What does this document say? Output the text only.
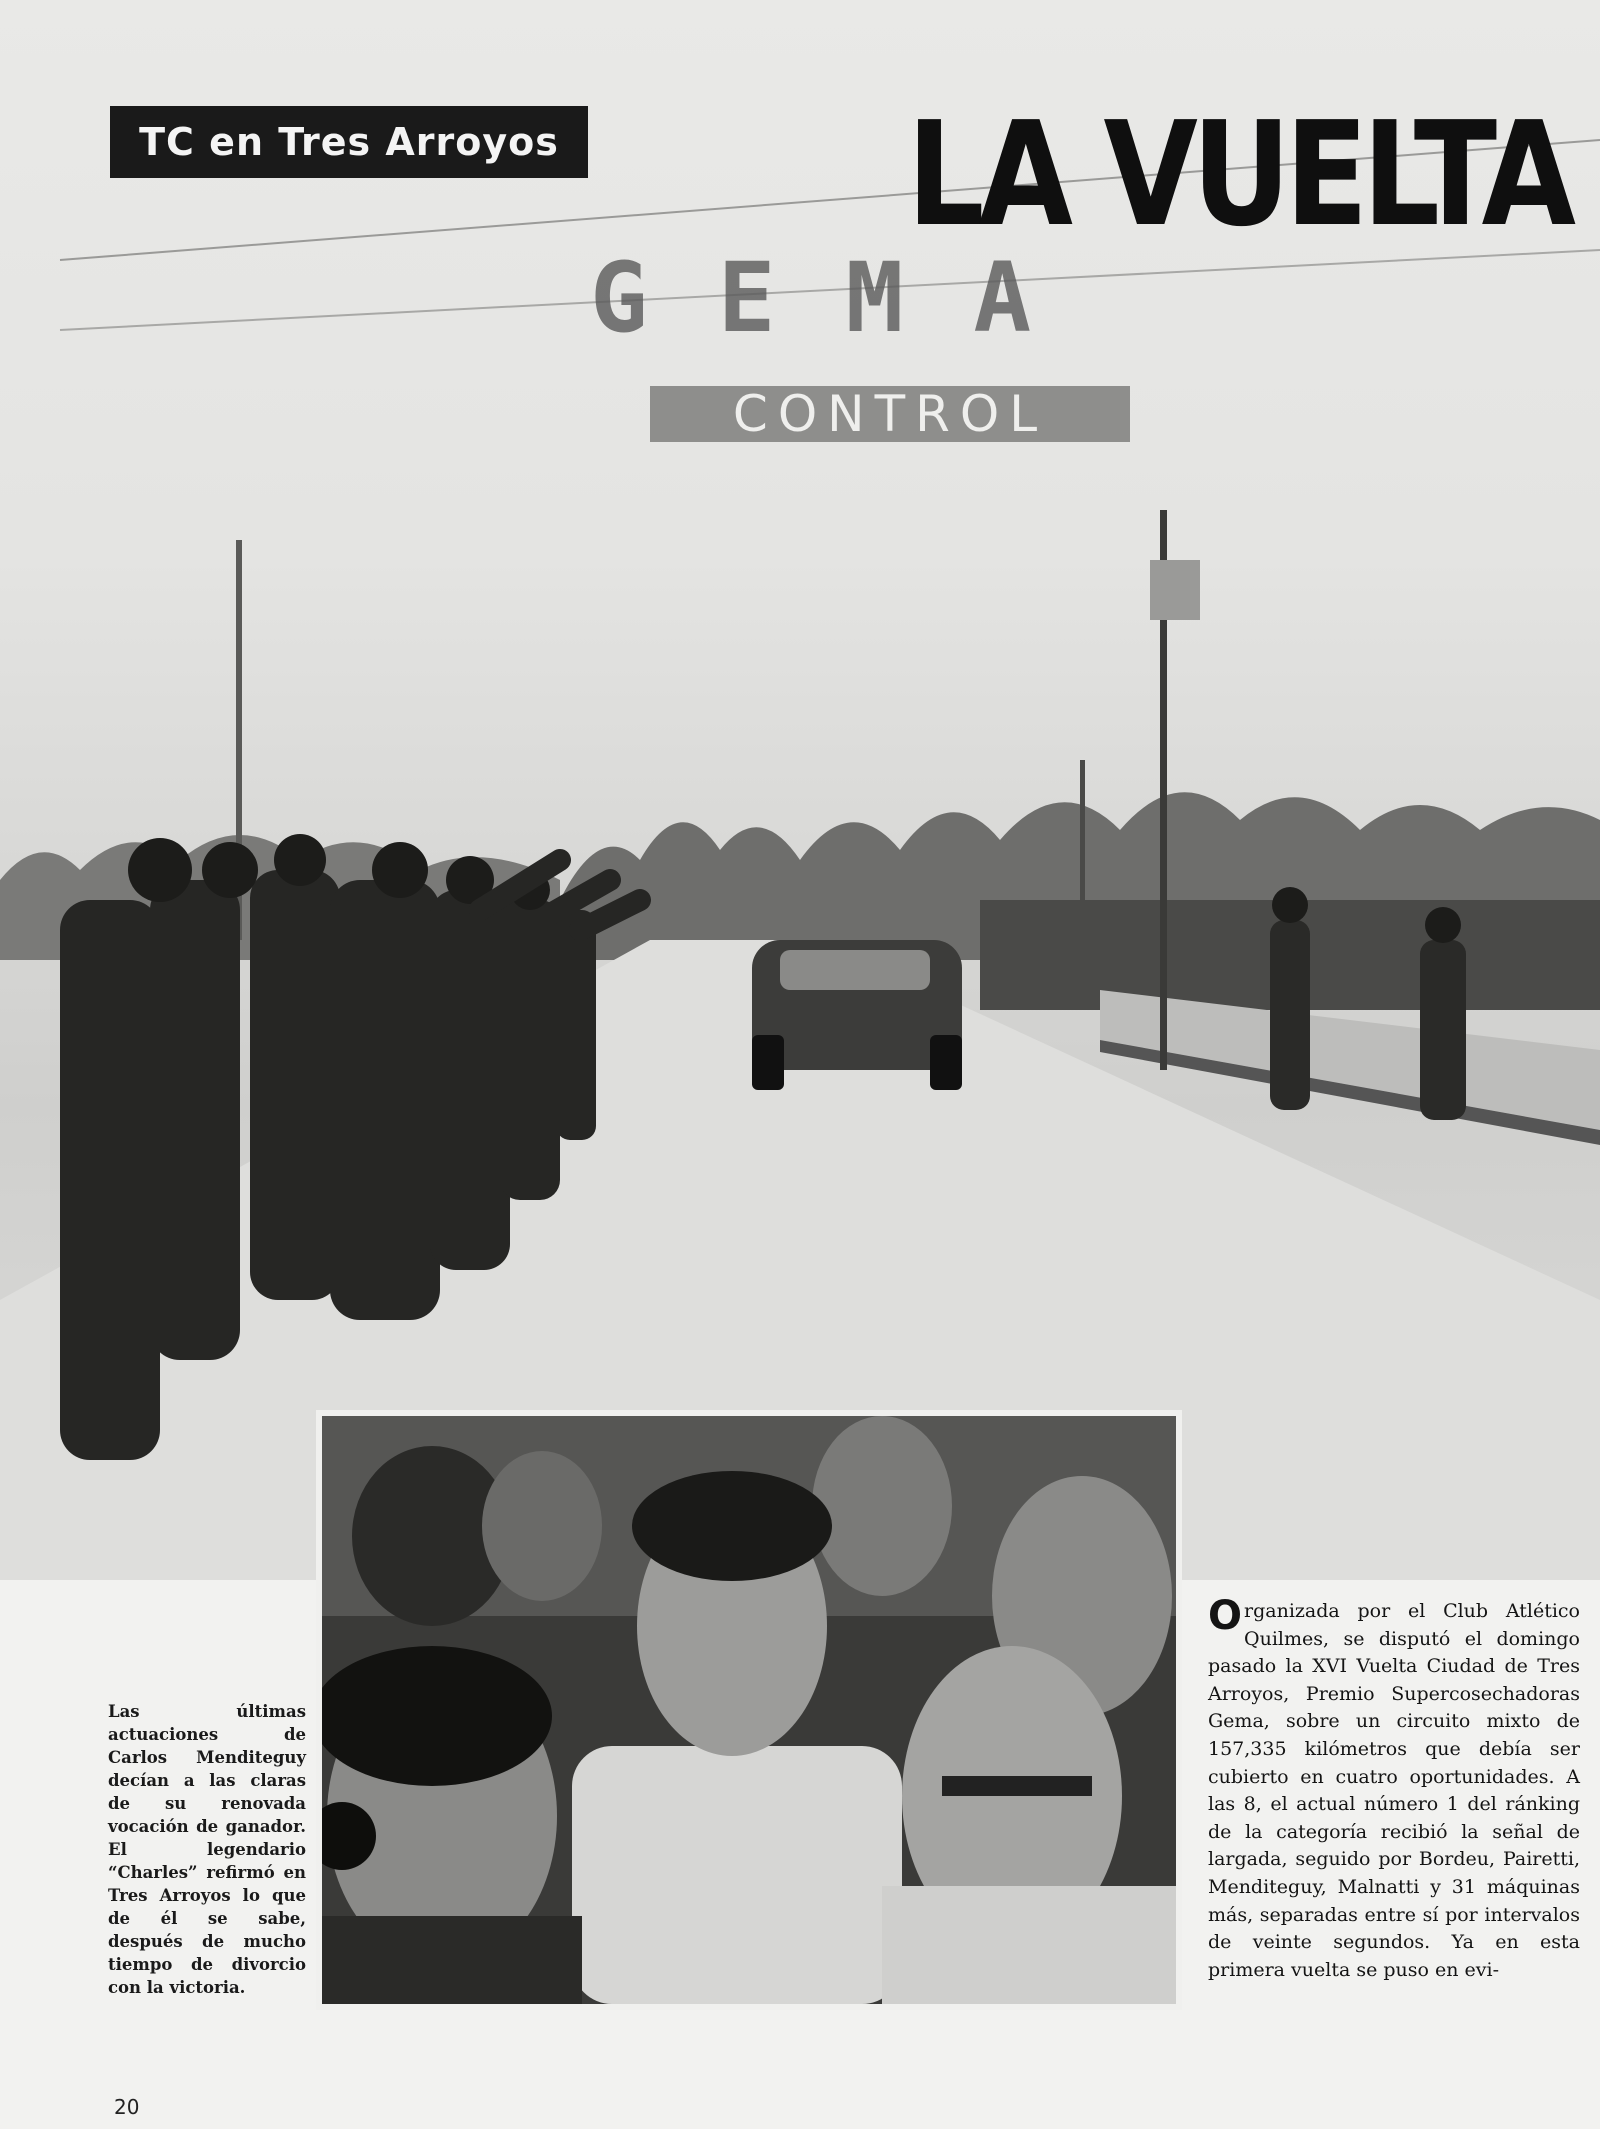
TC en Tres Arroyos	LA VUELTA
GEMA
CONTROL
Las últimas actuaciones de Carlos Menditeguy decían a las claras de su renovada vocación de ganador. El legendario “Charles” refirmó en Tres Arroyos lo que de él se sabe, después de mucho tiempo de divorcio con la victoria.
Organizada por el Club Atlético Quilmes, se disputó el domingo pasado la XVI Vuelta Ciudad de Tres Arroyos, Premio Supercosechadoras Gema, sobre un circuito mixto de 157,335 kilómetros que debía ser cubierto en cuatro oportunidades. A las 8, el actual número 1 del ránking de la categoría recibió la señal de largada, seguido por Bordeu, Pairetti, Menditeguy, Malnatti y 31 máquinas más, separadas entre sí por intervalos de veinte segundos. Ya en esta primera vuelta se puso en evi-
20
